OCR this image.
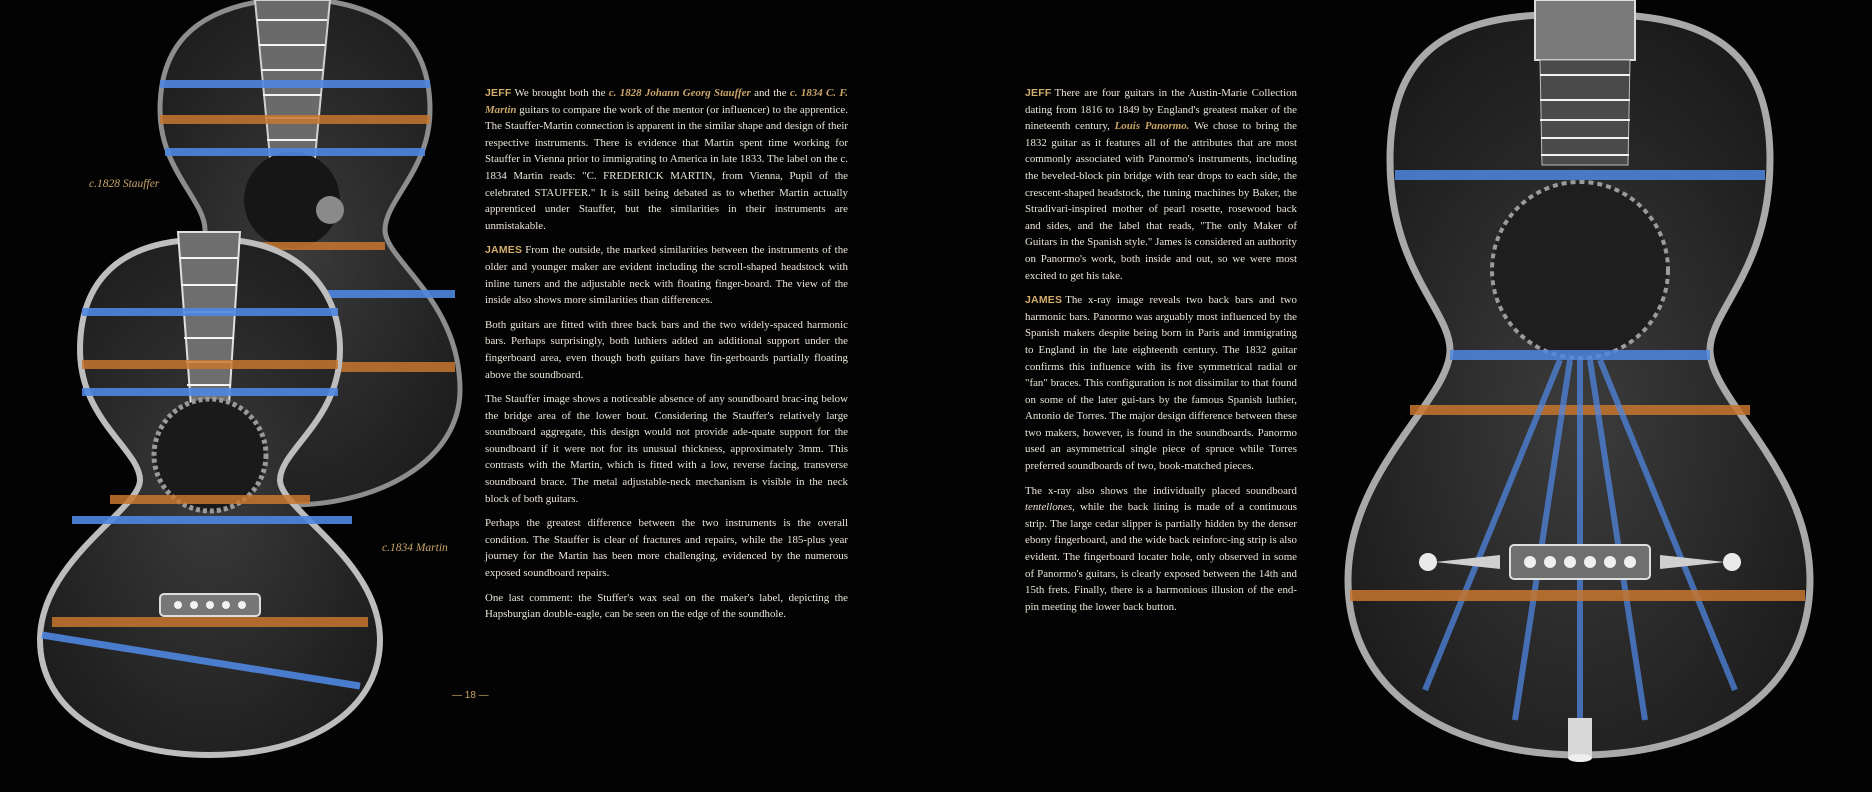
c.1828 Stauffer
c.1834 Martin

JEFF We brought both the c. 1828 Johann Georg Stauffer and the c. 1834 C. F. Martin guitars to compare the work of the mentor (or influencer) to the apprentice. The Stauffer-Martin connection is apparent in the similar shape and design of their respective instruments. There is evidence that Martin spent time working for Stauffer in Vienna prior to immigrating to America in late 1833. The label on the c. 1834 Martin reads: "C. FREDERICK MARTIN, from Vienna, Pupil of the celebrated STAUFFER." It is still being debated as to whether Martin actually apprenticed under Stauffer, but the similarities in their instruments are unmistakable.

JAMES From the outside, the marked similarities between the instruments of the older and younger maker are evident including the scroll-shaped headstock with inline tuners and the adjustable neck with floating finger-board. The view of the inside also shows more similarities than differences.

Both guitars are fitted with three back bars and the two widely-spaced harmonic bars. Perhaps surprisingly, both luthiers added an additional support under the fingerboard area, even though both guitars have fin-gerboards partially floating above the soundboard.

The Stauffer image shows a noticeable absence of any soundboard brac-ing below the bridge area of the lower bout. Considering the Stauffer's relatively large soundboard aggregate, this design would not provide ade-quate support for the soundboard if it were not for its unusual thickness, approximately 3mm. This contrasts with the Martin, which is fitted with a low, reverse facing, transverse soundboard brace. The metal adjustable-neck mechanism is visible in the neck block of both guitars.

Perhaps the greatest difference between the two instruments is the overall condition. The Stauffer is clear of fractures and repairs, while the 185-plus year journey for the Martin has been more challenging, evidenced by the numerous exposed soundboard repairs.

One last comment: the Stuffer's wax seal on the maker's label, depicting the Hapsburgian double-eagle, can be seen on the edge of the soundhole.

— 18 —

JEFF There are four guitars in the Austin-Marie Collection dating from 1816 to 1849 by England's greatest maker of the nineteenth century, Louis Panormo. We chose to bring the 1832 guitar as it features all of the attributes that are most commonly associated with Panormo's instruments, including the beveled-block pin bridge with tear drops to each side, the crescent-shaped headstock, the tuning machines by Baker, the Stradivari-inspired mother of pearl rosette, rosewood back and sides, and the label that reads, "The only Maker of Guitars in the Spanish style." James is considered an authority on Panormo's work, both inside and out, so we were most excited to get his take.

JAMES The x-ray image reveals two back bars and two harmonic bars. Panormo was arguably most influenced by the Spanish makers despite being born in Paris and immigrating to England in the late eighteenth century. The 1832 guitar confirms this influence with its five symmetrical radial or "fan" braces. This configuration is not dissimilar to that found on some of the later gui-tars by the famous Spanish luthier, Antonio de Torres. The major design difference between these two makers, however, is found in the soundboards. Panormo used an asymmetrical single piece of spruce while Torres preferred soundboards of two, book-matched pieces.

The x-ray also shows the individually placed soundboard tentellones, while the back lining is made of a continuous strip. The large cedar slipper is partially hidden by the denser ebony fingerboard, and the wide back reinforc-ing strip is also evident. The fingerboard locater hole, only observed in some of Panormo's guitars, is clearly exposed between the 14th and 15th frets. Finally, there is a harmonious illusion of the end-pin meeting the lower back button.
